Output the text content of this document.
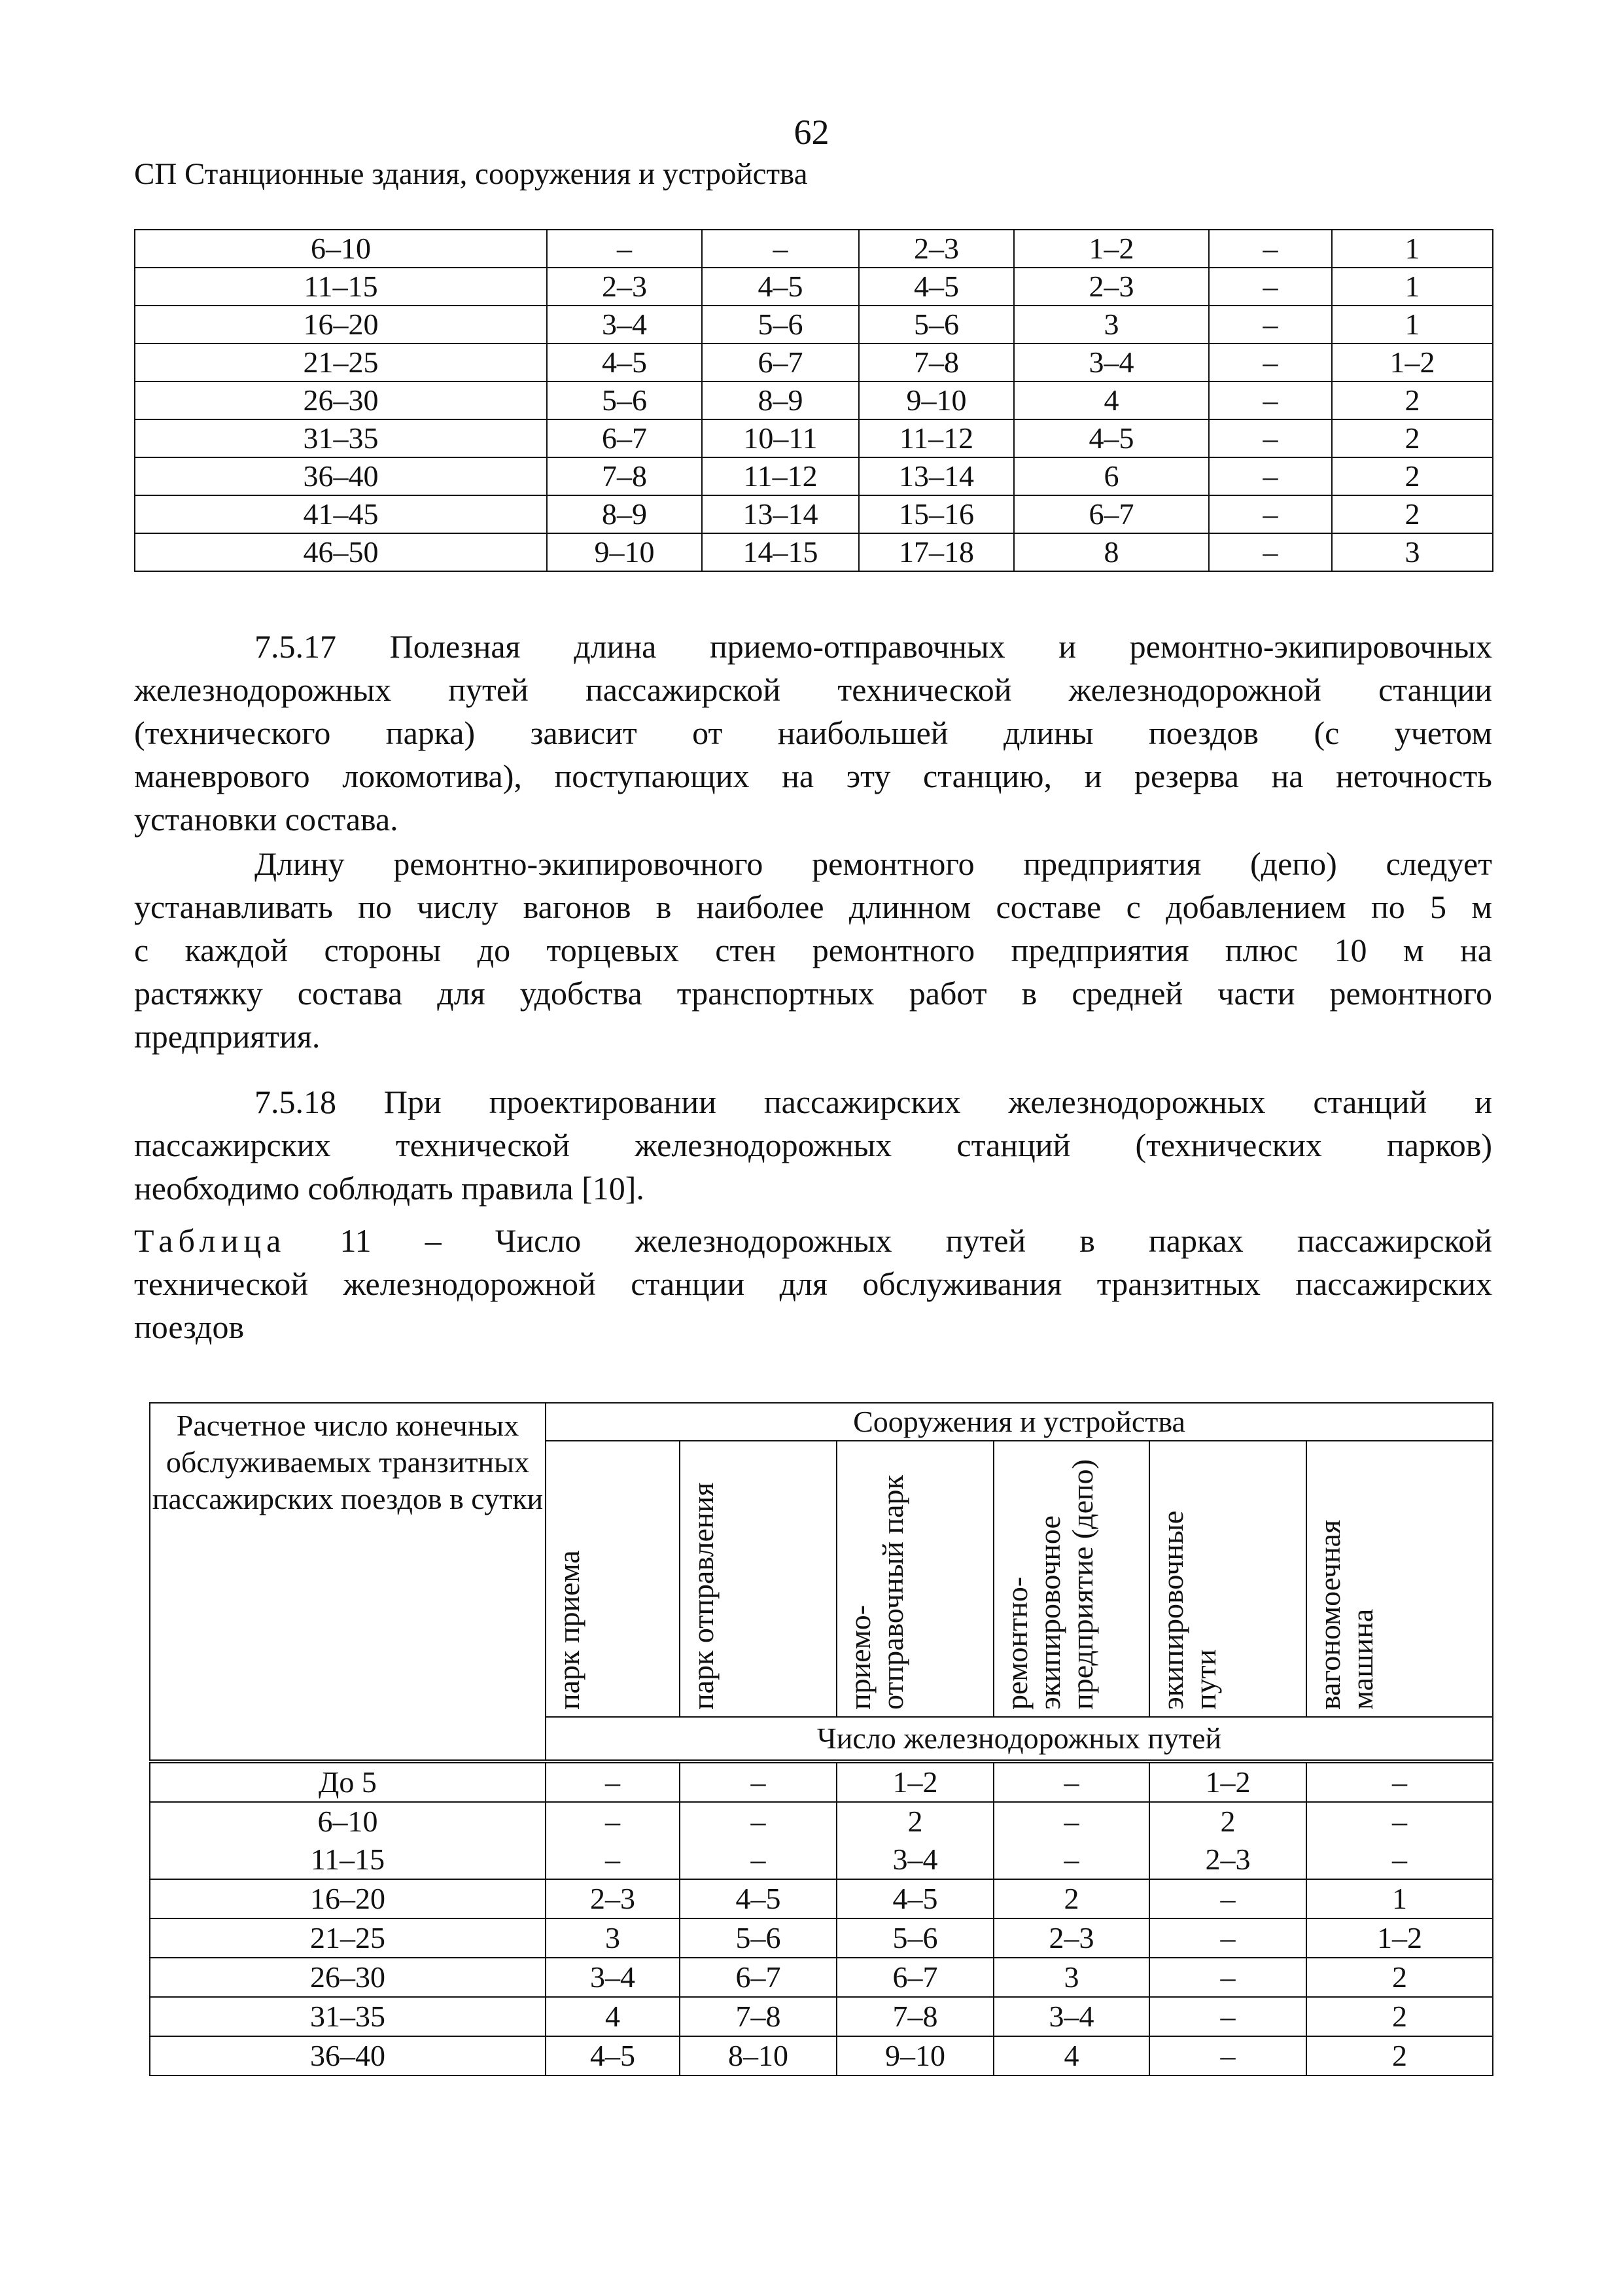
62
СП Станционные здания, сооружения и устройства
6–10	–	–	2–3	1–2	–	1
11–15	2–3	4–5	4–5	2–3	–	1
16–20	3–4	5–6	5–6	3	–	1
21–25	4–5	6–7	7–8	3–4	–	1–2
26–30	5–6	8–9	9–10	4	–	2
31–35	6–7	10–11	11–12	4–5	–	2
36–40	7–8	11–12	13–14	6	–	2
41–45	8–9	13–14	15–16	6–7	–	2
46–50	9–10	14–15	17–18	8	–	3
7.5.17 Полезная длина приемо-отправочных и ремонтно-экипировочных
железнодорожных путей пассажирской технической железнодорожной станции
(технического парка) зависит от наибольшей длины поездов (с учетом
маневрового локомотива), поступающих на эту станцию, и резерва на неточность
установки состава.
Длину ремонтно-экипировочного ремонтного предприятия (депо) следует
устанавливать по числу вагонов в наиболее длинном составе с добавлением по 5 м
с каждой стороны до торцевых стен ремонтного предприятия плюс 10 м на
растяжку состава для удобства транспортных работ в средней части ремонтного
предприятия.
7.5.18 При проектировании пассажирских железнодорожных станций и
пассажирских технической железнодорожных станций (технических парков)
необходимо соблюдать правила [10].
Таблица 11 – Число железнодорожных путей в парках пассажирской
технической железнодорожной станции для обслуживания транзитных пассажирских
поездов
Расчетное число конечных обслуживаемых транзитных пассажирских поездов в сутки	Сооружения и устройства					

	парк приема	парк отправления	приемо-отправочный парк	ремонтно-экипировочное предприятие (депо)	экипировочные пути	вагономоечная машина

	Число железнодорожных путей					
До 5	–	–	1–2	–	1–2	–
6–10	–	–	2	–	2	–
11–15	–	–	3–4	–	2–3	–
16–20	2–3	4–5	4–5	2	–	1
21–25	3	5–6	5–6	2–3	–	1–2
26–30	3–4	6–7	6–7	3	–	2
31–35	4	7–8	7–8	3–4	–	2
36–40	4–5	8–10	9–10	4	–	2
